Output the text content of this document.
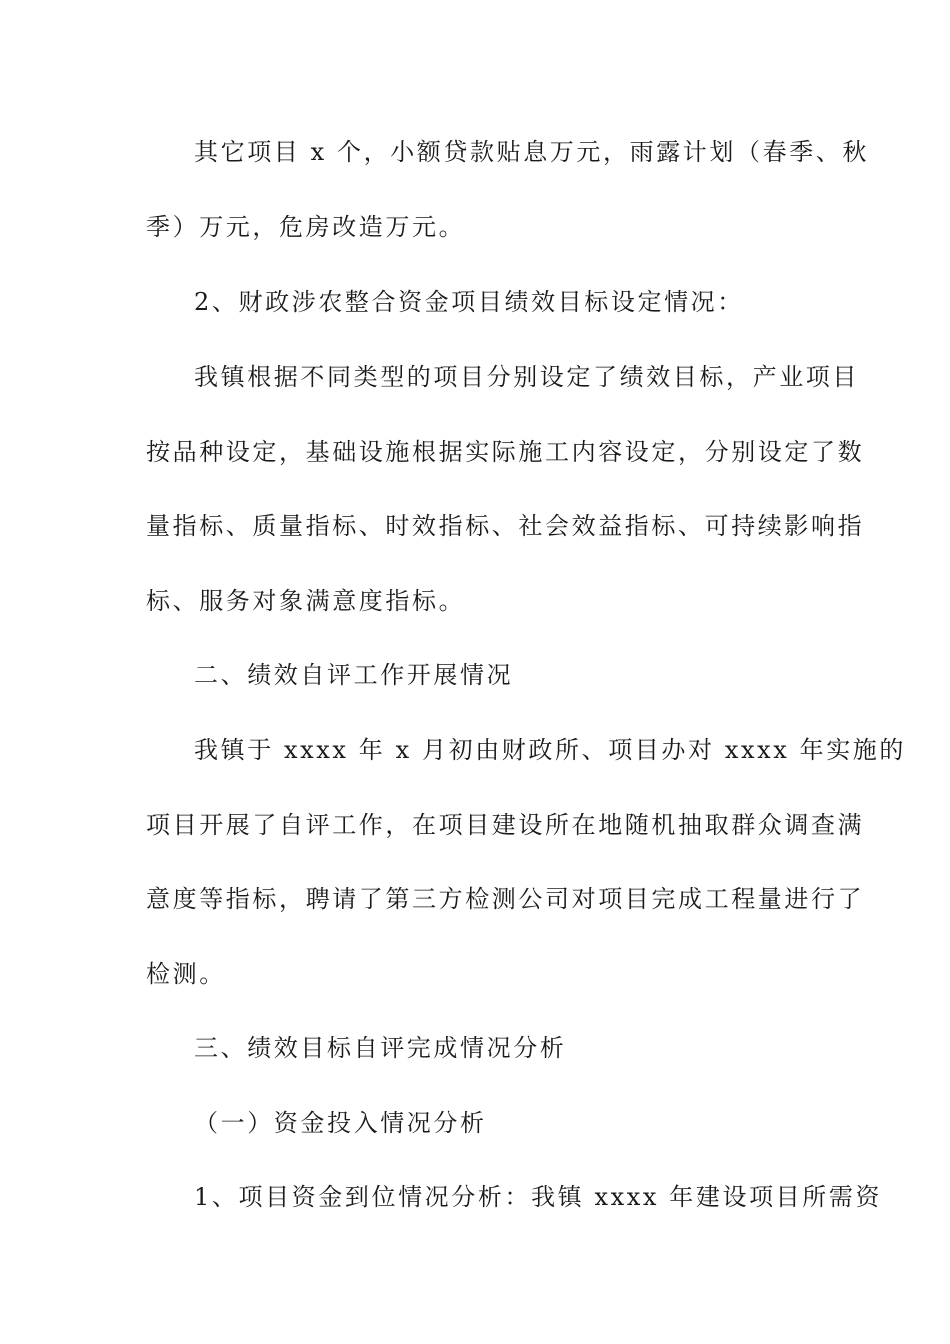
其它项目 x 个，小额贷款贴息万元，雨露计划（春季、秋
季）万元，危房改造万元。
2、财政涉农整合资金项目绩效目标设定情况：
我镇根据不同类型的项目分别设定了绩效目标，产业项目
按品种设定，基础设施根据实际施工内容设定，分别设定了数
量指标、质量指标、时效指标、社会效益指标、可持续影响指
标、服务对象满意度指标。
二、绩效自评工作开展情况
我镇于 xxxx 年 x 月初由财政所、项目办对 xxxx 年实施的
项目开展了自评工作，在项目建设所在地随机抽取群众调查满
意度等指标，聘请了第三方检测公司对项目完成工程量进行了
检测。
三、绩效目标自评完成情况分析
（一）资金投入情况分析
1、项目资金到位情况分析：我镇 xxxx 年建设项目所需资
